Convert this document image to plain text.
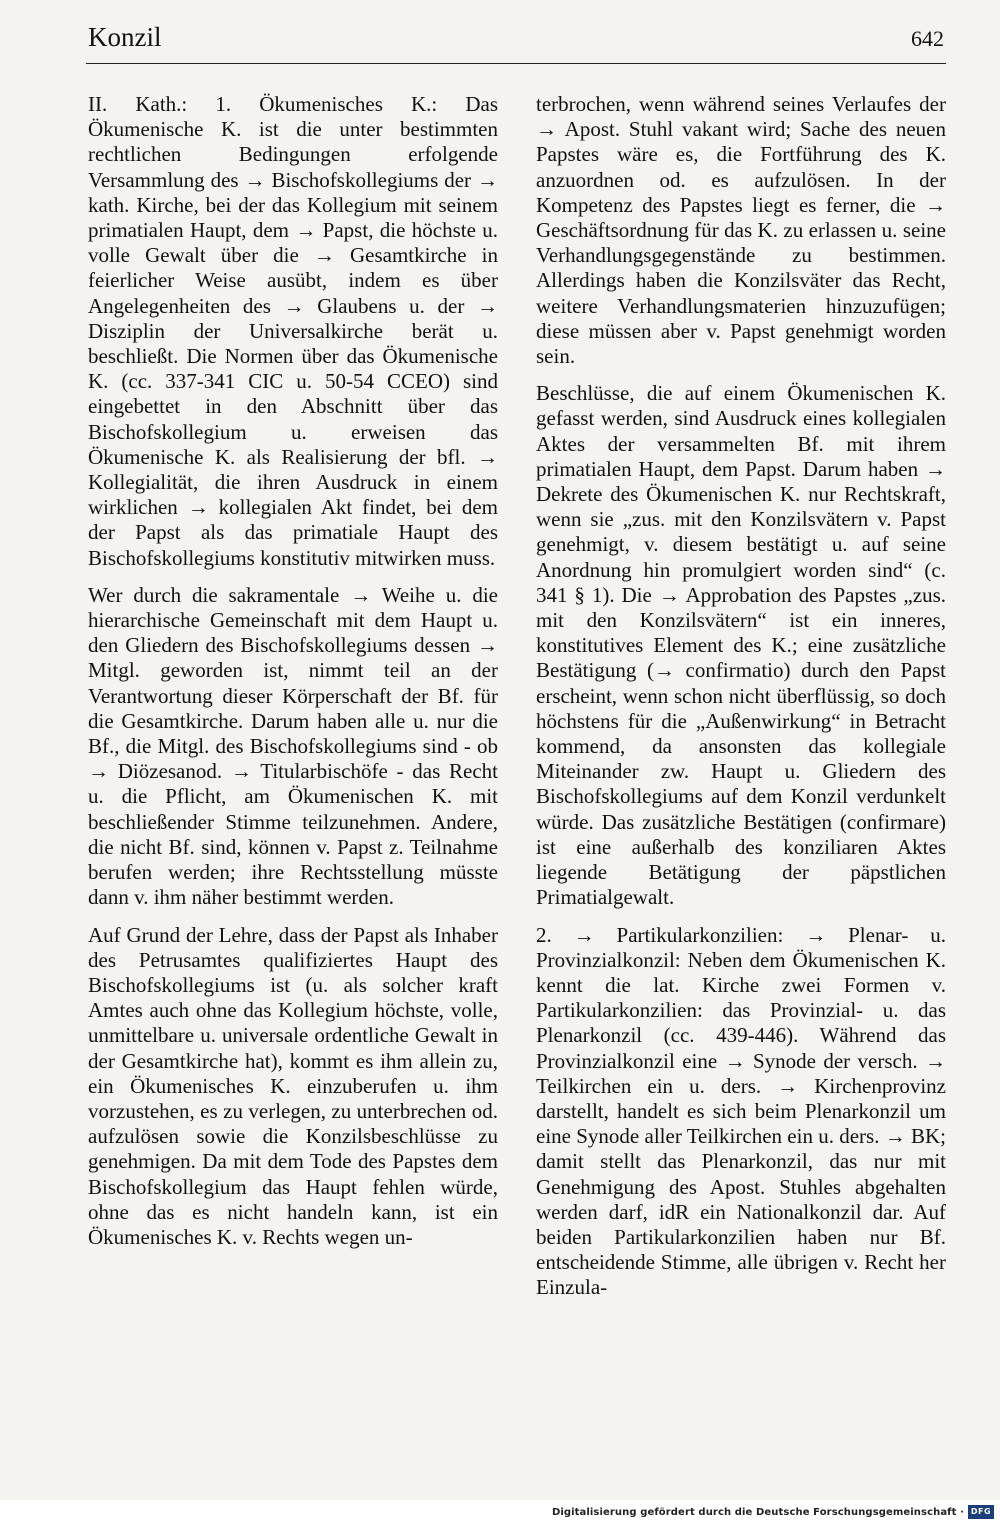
Konzil	642

II. Kath.: 1. Ökumenisches K.: Das Ökumenische K. ist die unter bestimmten rechtlichen Bedingungen erfolgende Versammlung des → Bischofskollegiums der → kath. Kirche, bei der das Kollegium mit seinem primatialen Haupt, dem → Papst, die höchste u. volle Gewalt über die → Gesamtkirche in feierlicher Weise ausübt, indem es über Angelegenheiten des → Glaubens u. der → Disziplin der Universalkirche berät u. beschließt. Die Normen über das Ökumenische K. (cc. 337-341 CIC u. 50-54 CCEO) sind eingebettet in den Abschnitt über das Bischofskollegium u. erweisen das Ökumenische K. als Realisierung der bfl. → Kollegialität, die ihren Ausdruck in einem wirklichen → kollegialen Akt findet, bei dem der Papst als das primatiale Haupt des Bischofskollegiums konstitutiv mitwirken muss.

Wer durch die sakramentale → Weihe u. die hierarchische Gemeinschaft mit dem Haupt u. den Gliedern des Bischofskollegiums dessen → Mitgl. geworden ist, nimmt teil an der Verantwortung dieser Körperschaft der Bf. für die Gesamtkirche. Darum haben alle u. nur die Bf., die Mitgl. des Bischofskollegiums sind - ob → Diözesanod. → Titularbischöfe - das Recht u. die Pflicht, am Ökumenischen K. mit beschließender Stimme teilzunehmen. Andere, die nicht Bf. sind, können v. Papst z. Teilnahme berufen werden; ihre Rechtsstellung müsste dann v. ihm näher bestimmt werden.

Auf Grund der Lehre, dass der Papst als Inhaber des Petrusamtes qualifiziertes Haupt des Bischofskollegiums ist (u. als solcher kraft Amtes auch ohne das Kollegium höchste, volle, unmittelbare u. universale ordentliche Gewalt in der Gesamtkirche hat), kommt es ihm allein zu, ein Ökumenisches K. einzuberufen u. ihm vorzustehen, es zu verlegen, zu unterbrechen od. aufzulösen sowie die Konzilsbeschlüsse zu genehmigen. Da mit dem Tode des Papstes dem Bischofskollegium das Haupt fehlen würde, ohne das es nicht handeln kann, ist ein Ökumenisches K. v. Rechts wegen un-

terbrochen, wenn während seines Verlaufes der → Apost. Stuhl vakant wird; Sache des neuen Papstes wäre es, die Fortführung des K. anzuordnen od. es aufzulösen. In der Kompetenz des Papstes liegt es ferner, die → Geschäftsordnung für das K. zu erlassen u. seine Verhandlungsgegenstände zu bestimmen. Allerdings haben die Konzilsväter das Recht, weitere Verhandlungsmaterien hinzuzufügen; diese müssen aber v. Papst genehmigt worden sein.

Beschlüsse, die auf einem Ökumenischen K. gefasst werden, sind Ausdruck eines kollegialen Aktes der versammelten Bf. mit ihrem primatialen Haupt, dem Papst. Darum haben → Dekrete des Ökumenischen K. nur Rechtskraft, wenn sie „zus. mit den Konzilsvätern v. Papst genehmigt, v. diesem bestätigt u. auf seine Anordnung hin promulgiert worden sind“ (c. 341 § 1). Die → Approbation des Papstes „zus. mit den Konzilsvätern“ ist ein inneres, konstitutives Element des K.; eine zusätzliche Bestätigung (→ confirmatio) durch den Papst erscheint, wenn schon nicht überflüssig, so doch höchstens für die „Außenwirkung“ in Betracht kommend, da ansonsten das kollegiale Miteinander zw. Haupt u. Gliedern des Bischofskollegiums auf dem Konzil verdunkelt würde. Das zusätzliche Bestätigen (confirmare) ist eine außerhalb des konziliaren Aktes liegende Betätigung der päpstlichen Primatialgewalt.

2. → Partikularkonzilien: → Plenar- u. Provinzialkonzil: Neben dem Ökumenischen K. kennt die lat. Kirche zwei Formen v. Partikularkonzilien: das Provinzial- u. das Plenarkonzil (cc. 439-446). Während das Provinzialkonzil eine → Synode der versch. → Teilkirchen ein u. ders. → Kirchenprovinz darstellt, handelt es sich beim Plenarkonzil um eine Synode aller Teilkirchen ein u. ders. → BK; damit stellt das Plenarkonzil, das nur mit Genehmigung des Apost. Stuhles abgehalten werden darf, idR ein Nationalkonzil dar. Auf beiden Partikularkonzilien haben nur Bf. entscheidende Stimme, alle übrigen v. Recht her Einzula-

Digitalisierung gefördert durch die Deutsche Forschungsgemeinschaft · DFG
